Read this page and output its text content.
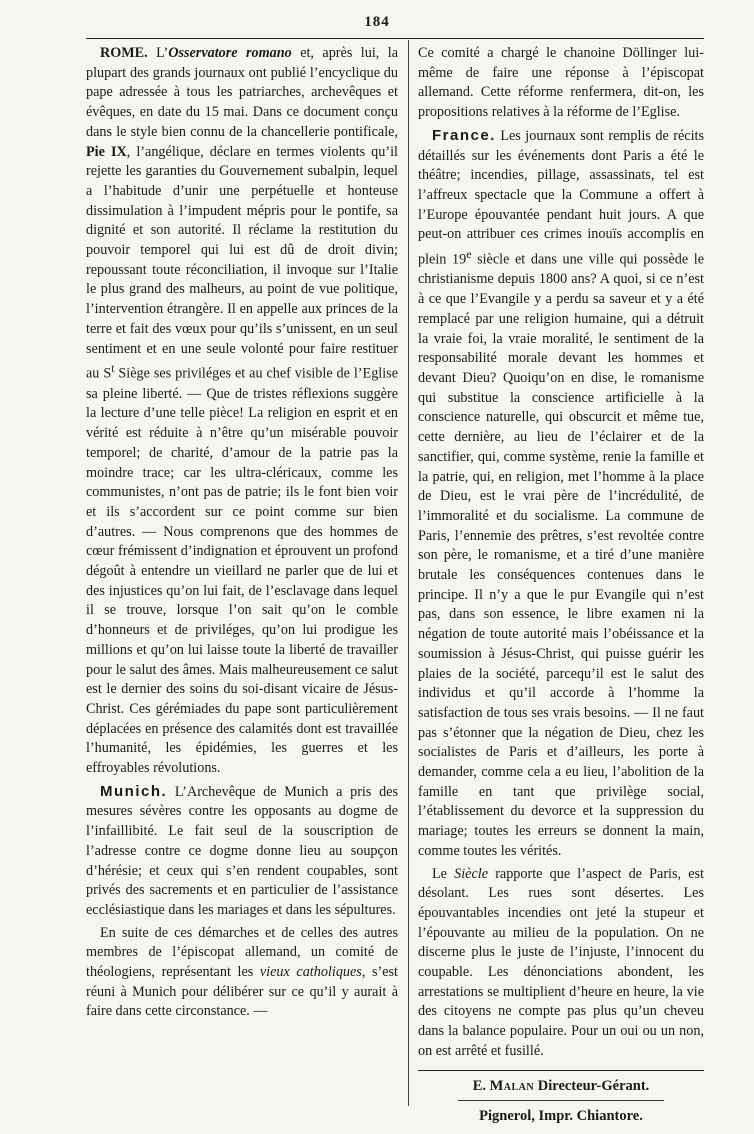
184

ROME. L’Osservatore romano et, après lui, la plupart des grands journaux ont publié l’encyclique du pape adressée à tous les patriarches, archevêques et évêques, en date du 15 mai. Dans ce document conçu dans le style bien connu de la chancellerie pontificale, Pie IX, l’angélique, déclare en termes violents qu’il rejette les garanties du Gouvernement subalpin, lequel a l’habitude d’unir une perpétuelle et honteuse dissimulation à l’impudent mépris pour le pontife, sa dignité et son autorité. Il réclame la restitution du pouvoir temporel qui lui est dû de droit divin; repoussant toute réconciliation, il invoque sur l’Italie le plus grand des malheurs, au point de vue politique, l’intervention étrangère. Il en appelle aux princes de la terre et fait des vœux pour qu’ils s’unissent, en un seul sentiment et en une seule volonté pour faire restituer au $S^t$ Siège ses priviléges et au chef visible de l’Eglise sa pleine liberté. — Que de tristes réflexions suggère la lecture d’une telle pièce! La religion en esprit et en vérité est réduite à n’être qu’un misérable pouvoir temporel; de charité, d’amour de la patrie pas la moindre trace; car les ultra-cléricaux, comme les communistes, n’ont pas de patrie; ils le font bien voir et ils s’accordent sur ce point comme sur bien d’autres. — Nous comprenons que des hommes de cœur frémissent d’indignation et éprouvent un profond dégoût à entendre un vieillard ne parler que de lui et des injustices qu’on lui fait, de l’esclavage dans lequel il se trouve, lorsque l’on sait qu’on le comble d’honneurs et de priviléges, qu’on lui prodigue les millions et qu’on lui laisse toute la liberté de travailler pour le salut des âmes. Mais malheureusement ce salut est le dernier des soins du soi-disant vicaire de Jésus-Christ. Ces gérémiades du pape sont particulièrement déplacées en présence des calamités dont est travaillée l’humanité, les épidémies, les guerres et les effroyables révolutions.

Munich. L’Archevêque de Munich a pris des mesures sévères contre les opposants au dogme de l’infaillibité. Le fait seul de la souscription de l’adresse contre ce dogme donne lieu au soupçon d’hérésie; et ceux qui s’en rendent coupables, sont privés des sacrements et en particulier de l’assistance ecclésiastique dans les mariages et dans les sépultures.

En suite de ces démarches et de celles des autres membres de l’épiscopat allemand, un comité de théologiens, représentant les vieux catholiques, s’est réuni à Munich pour délibérer sur ce qu’il y aurait à faire dans cette circonstance. —

Ce comité a chargé le chanoine Döllinger lui-même de faire une réponse à l’épiscopat allemand. Cette réforme renfermera, dit-on, les propositions relatives à la réforme de l’Eglise.

France. Les journaux sont remplis de récits détaillés sur les événements dont Paris a été le théâtre; incendies, pillage, assassinats, tel est l’affreux spectacle que la Commune a offert à l’Europe épouvantée pendant huit jours. A que peut-on attribuer ces crimes inouïs accomplis en plein 19e siècle et dans une ville qui possède le christianisme depuis 1800 ans? A quoi, si ce n’est à ce que l’Evangile y a perdu sa saveur et y a été remplacé par une religion humaine, qui a détruit la vraie foi, la vraie moralité, le sentiment de la responsabilité morale devant les hommes et devant Dieu? Quoiqu’on en dise, le romanisme qui substitue la conscience artificielle à la conscience naturelle, qui obscurcit et même tue, cette dernière, au lieu de l’éclairer et de la sanctifier, qui, comme système, renie la famille et la patrie, qui, en religion, met l’homme à la place de Dieu, est le vrai père de l’incrédulité, de l’immoralité et du socialisme. La commune de Paris, l’ennemie des prêtres, s’est revoltée contre son père, le romanisme, et a tiré d’une manière brutale les conséquences contenues dans le principe. Il n’y a que le pur Evangile qui n’est pas, dans son essence, le libre examen ni la négation de toute autorité mais l’obéissance et la soumission à Jésus-Christ, qui puisse guérir les plaies de la société, parcequ’il est le salut des individus et qu’il accorde à l’homme la satisfaction de tous ses vrais besoins. — Il ne faut pas s’étonner que la négation de Dieu, chez les socialistes de Paris et d’ailleurs, les porte à demander, comme cela a eu lieu, l’abolition de la famille en tant que privilège social, l’établissement du devorce et la suppression du mariage; toutes les erreurs se donnent la main, comme toutes les vérités.

Le Siècle rapporte que l’aspect de Paris, est désolant. Les rues sont désertes. Les épouvantables incendies ont jeté la stupeur et l’épouvante au milieu de la population. On ne discerne plus le juste de l’injuste, l’innocent du coupable. Les dénonciations abondent, les arrestations se multiplient d’heure en heure, la vie des citoyens ne compte pas plus qu’un cheveu dans la balance populaire. Pour un oui ou un non, on est arrêté et fusillé.

E. Malan Directeur-Gérant.
Pignerol, Impr. Chiantore.
